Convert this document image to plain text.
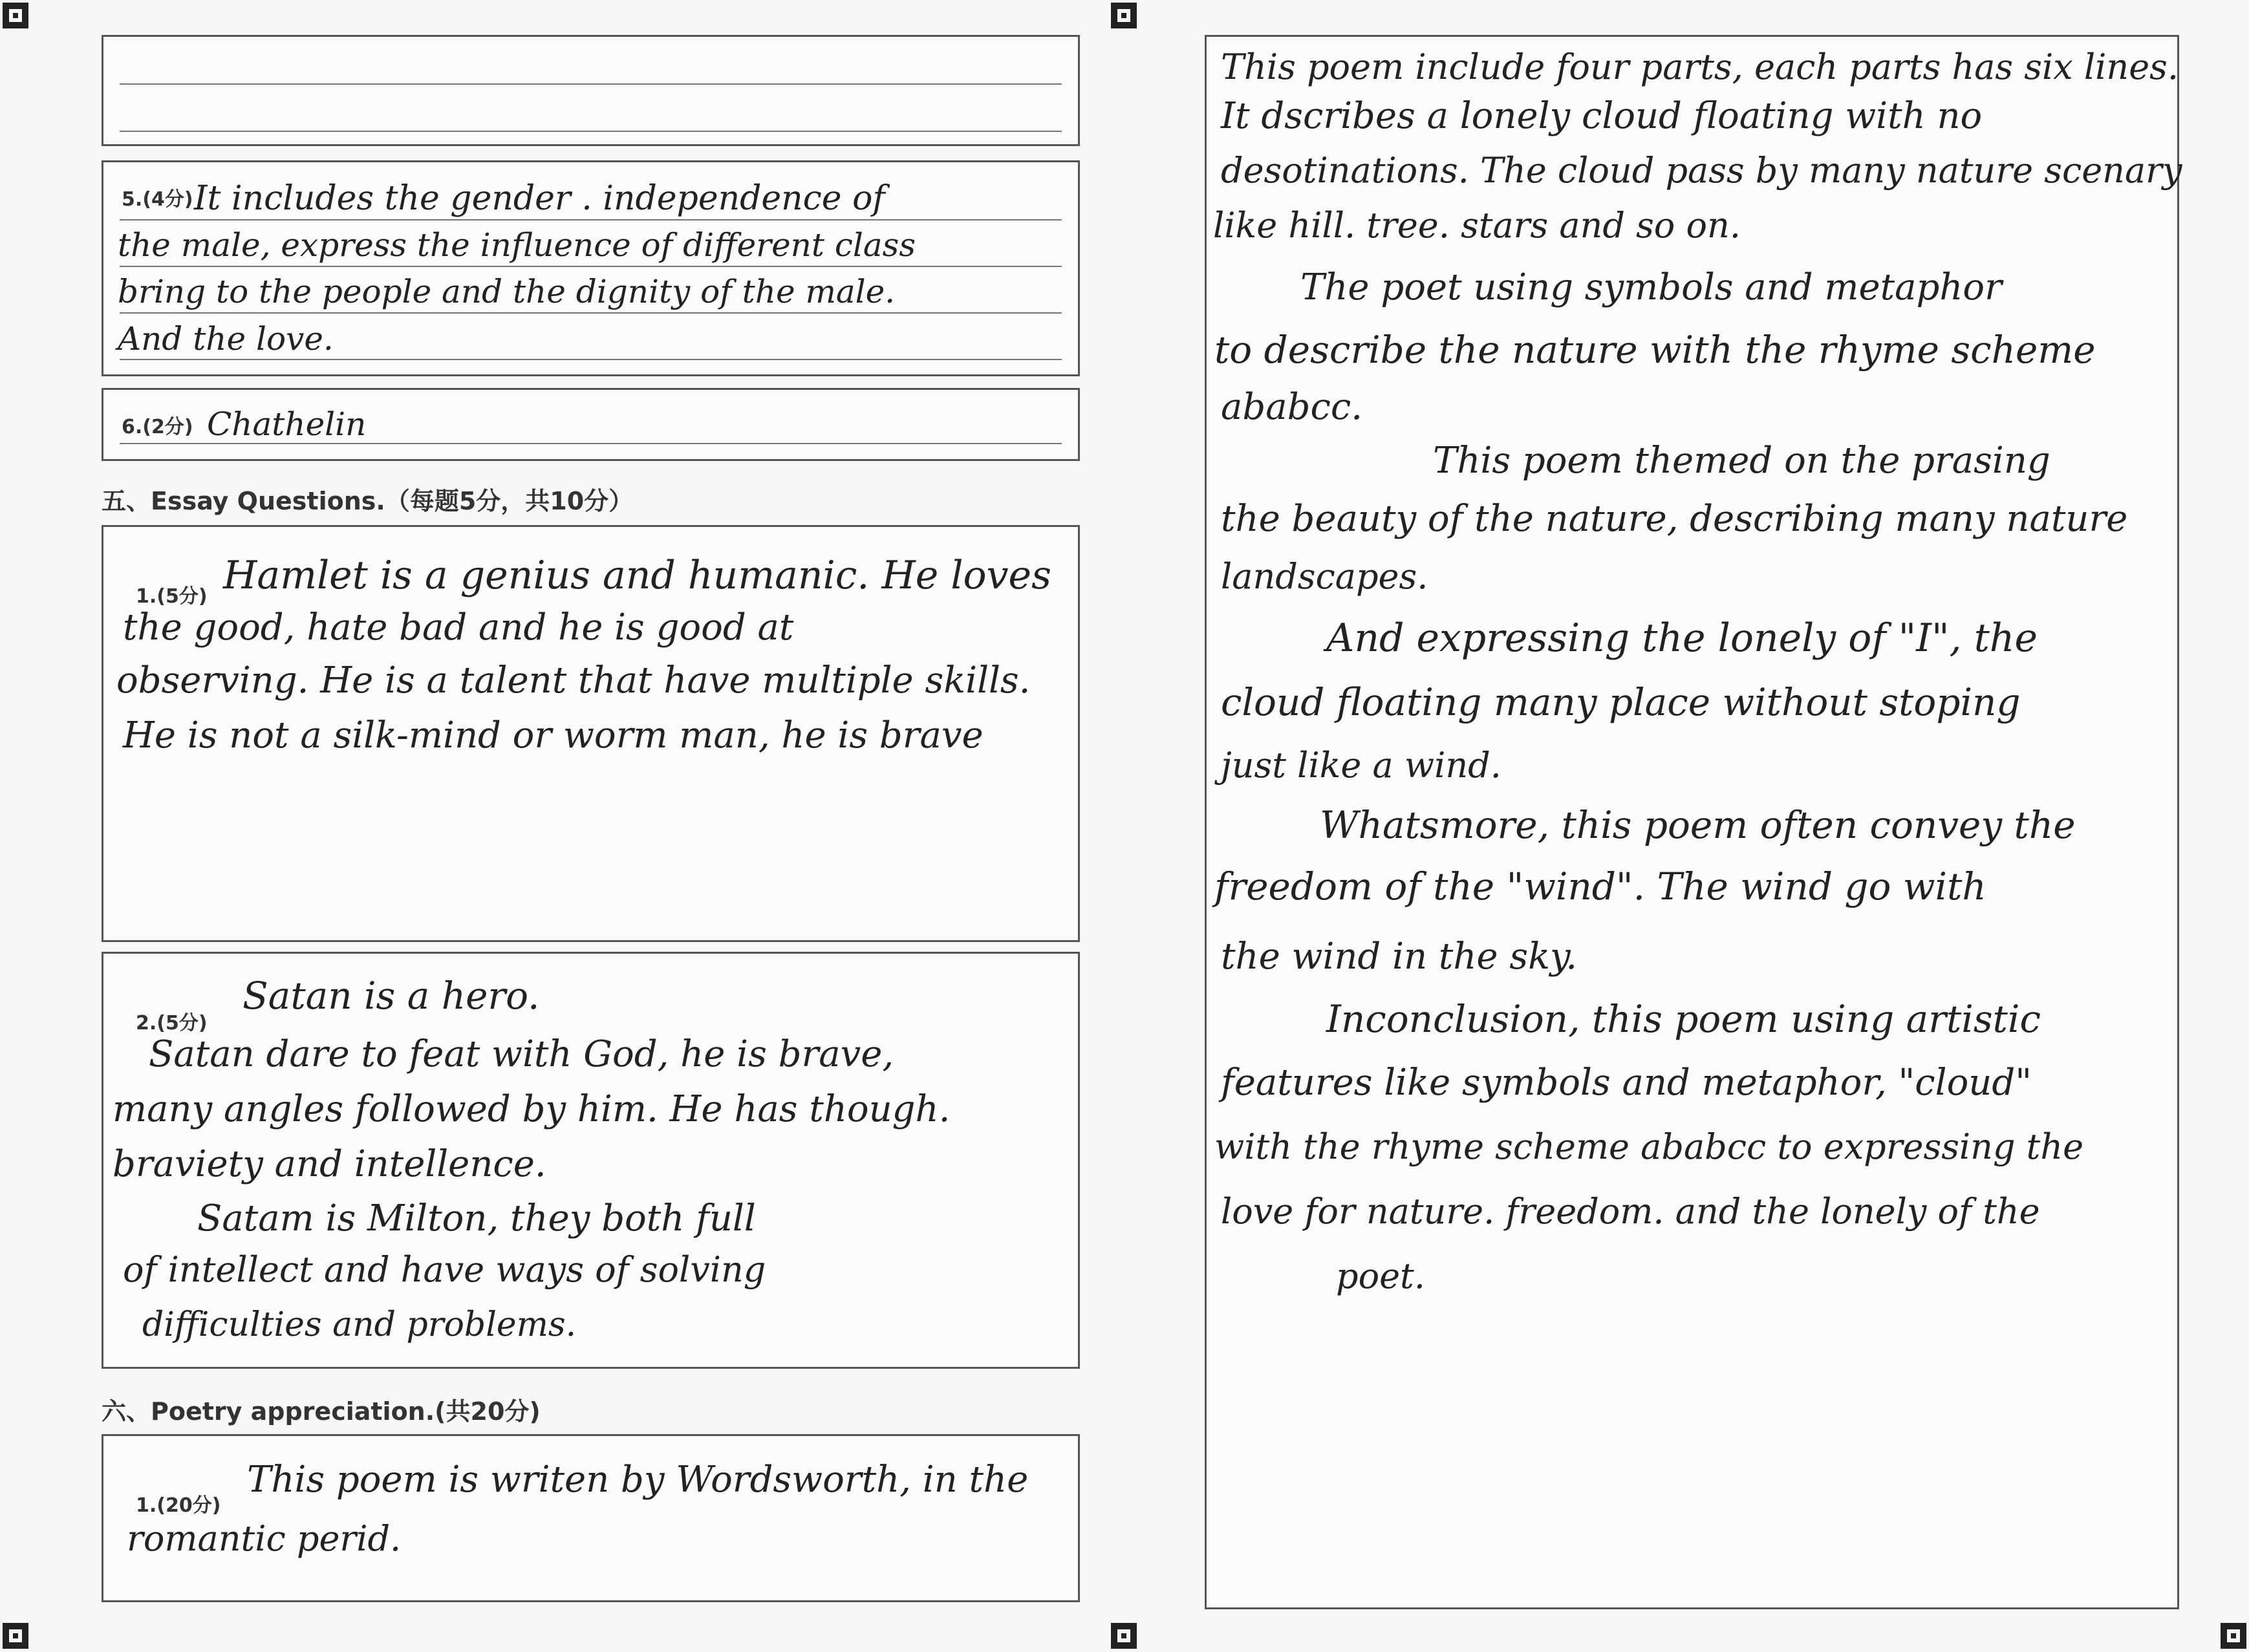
5.(4分) It includes the gender . independence of
the male, express the influence of different class
bring to the people and the dignity of the male.
And the love.
6.(2分) Chathelin
五、Essay Questions.（每题5分，共10分）
1.(5分) Hamlet is a genius and humanic. He loves
the good, hate bad and he is good at
observing. He is a talent that have multiple skills.
He is not a silk-mind or worm man, he is brave
2.(5分)
Satan is a hero.
Satan dare to feat with God, he is brave,
many angles followed by him. He has though.
braviety and intellence.
Satam is Milton, they both full
of intellect and have ways of solving
difficulties and problems.
六、Poetry appreciation.(共20分)
1.(20分)
This poem is writen by Wordsworth, in the
romantic perid.
This poem include four parts, each parts has six lines.
It dscribes a lonely cloud floating with no
desotinations. The cloud pass by many nature scenary
like hill. tree. stars and so on.
The poet using symbols and metaphor
to describe the nature with the rhyme scheme
ababcc.
This poem themed on the prasing
the beauty of the nature, describing many nature
landscapes.
And expressing the lonely of "I", the
cloud floating many place without stoping
just like a wind.
Whatsmore, this poem often convey the
freedom of the "wind". The wind go with
the wind in the sky.
Inconclusion, this poem using artistic
features like symbols and metaphor, "cloud"
with the rhyme scheme ababcc to expressing the
love for nature. freedom. and the lonely of the
poet.
